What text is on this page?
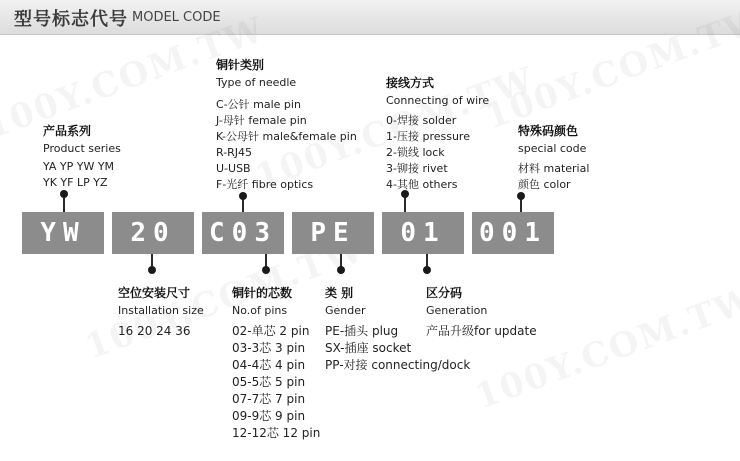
型号标志代号 MODEL CODE
YW	20	C03	PE	01	001
产品系列
Product series
YA YP YW YM
YK YF LP YZ
铜针类别
Type of needle
C-公针 male pin
J-母针 female pin
K-公母针 male&female pin
R-RJ45
U-USB
F-光纤 fibre optics
接线方式
Connecting of wire
0-焊接 solder
1-压接 pressure
2-锁线 lock
3-铆接 rivet
4-其他 others
特殊码颜色
special code
材料 material
颜色 color
空位安装尺寸
Installation size
16 20 24 36
铜针的芯数
No.of pins
02-单芯 2 pin
03-3芯 3 pin
04-4芯 4 pin
05-5芯 5 pin
07-7芯 7 pin
09-9芯 9 pin
12-12芯 12 pin
类 别
Gender
PE-插头 plug
SX-插座 socket
PP-对接 connecting/dock
区分码
Generation
产品升级for update
